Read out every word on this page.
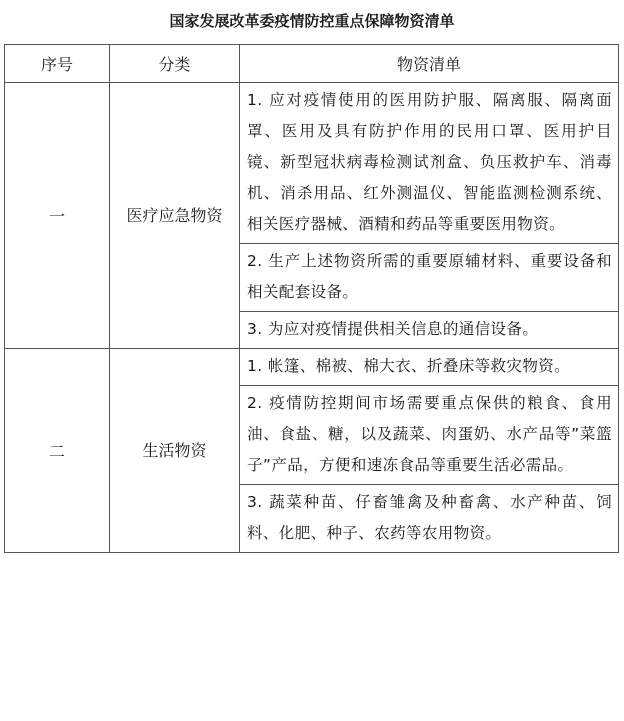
国家发展改革委疫情防控重点保障物资清单
序号	分类	物资清单
一	医疗应急物资	1. 应对疫情使用的医用防护服、隔离服、隔离面罩、医用及具有防护作用的民用口罩、医用护目镜、新型冠状病毒检测试剂盒、负压救护车、消毒机、消杀用品、红外测温仪、智能监测检测系统、相关医疗器械、酒精和药品等重要医用物资。
		2. 生产上述物资所需的重要原辅材料、重要设备和相关配套设备。
		3. 为应对疫情提供相关信息的通信设备。
二	生活物资	1. 帐篷、棉被、棉大衣、折叠床等救灾物资。
		2. 疫情防控期间市场需要重点保供的粮食、食用油、食盐、糖，以及蔬菜、肉蛋奶、水产品等”菜篮子”产品，方便和速冻食品等重要生活必需品。
		3. 蔬菜种苗、仔畜雏禽及种畜禽、水产种苗、饲料、化肥、种子、农药等农用物资。
